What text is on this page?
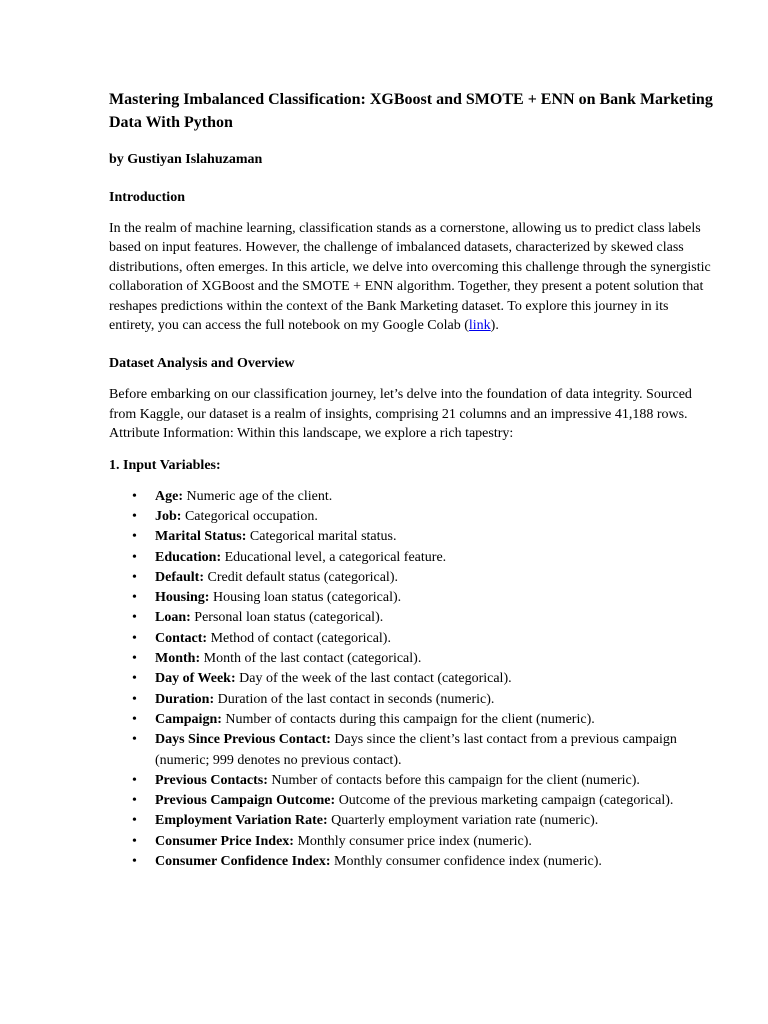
Mastering Imbalanced Classification: XGBoost and SMOTE + ENN on Bank Marketing Data With Python

by Gustiyan Islahuzaman

Introduction

In the realm of machine learning, classification stands as a cornerstone, allowing us to predict class labels based on input features. However, the challenge of imbalanced datasets, characterized by skewed class distributions, often emerges. In this article, we delve into overcoming this challenge through the synergistic collaboration of XGBoost and the SMOTE + ENN algorithm. Together, they present a potent solution that reshapes predictions within the context of the Bank Marketing dataset. To explore this journey in its entirety, you can access the full notebook on my Google Colab (link).

Dataset Analysis and Overview

Before embarking on our classification journey, let’s delve into the foundation of data integrity. Sourced from Kaggle, our dataset is a realm of insights, comprising 21 columns and an impressive 41,188 rows.

Attribute Information: Within this landscape, we explore a rich tapestry:

1. Input Variables:
• Age: Numeric age of the client.
• Job: Categorical occupation.
• Marital Status: Categorical marital status.
• Education: Educational level, a categorical feature.
• Default: Credit default status (categorical).
• Housing: Housing loan status (categorical).
• Loan: Personal loan status (categorical).
• Contact: Method of contact (categorical).
• Month: Month of the last contact (categorical).
• Day of Week: Day of the week of the last contact (categorical).
• Duration: Duration of the last contact in seconds (numeric).
• Campaign: Number of contacts during this campaign for the client (numeric).
• Days Since Previous Contact: Days since the client’s last contact from a previous campaign (numeric; 999 denotes no previous contact).
• Previous Contacts: Number of contacts before this campaign for the client (numeric).
• Previous Campaign Outcome: Outcome of the previous marketing campaign (categorical).
• Employment Variation Rate: Quarterly employment variation rate (numeric).
• Consumer Price Index: Monthly consumer price index (numeric).
• Consumer Confidence Index: Monthly consumer confidence index (numeric).
